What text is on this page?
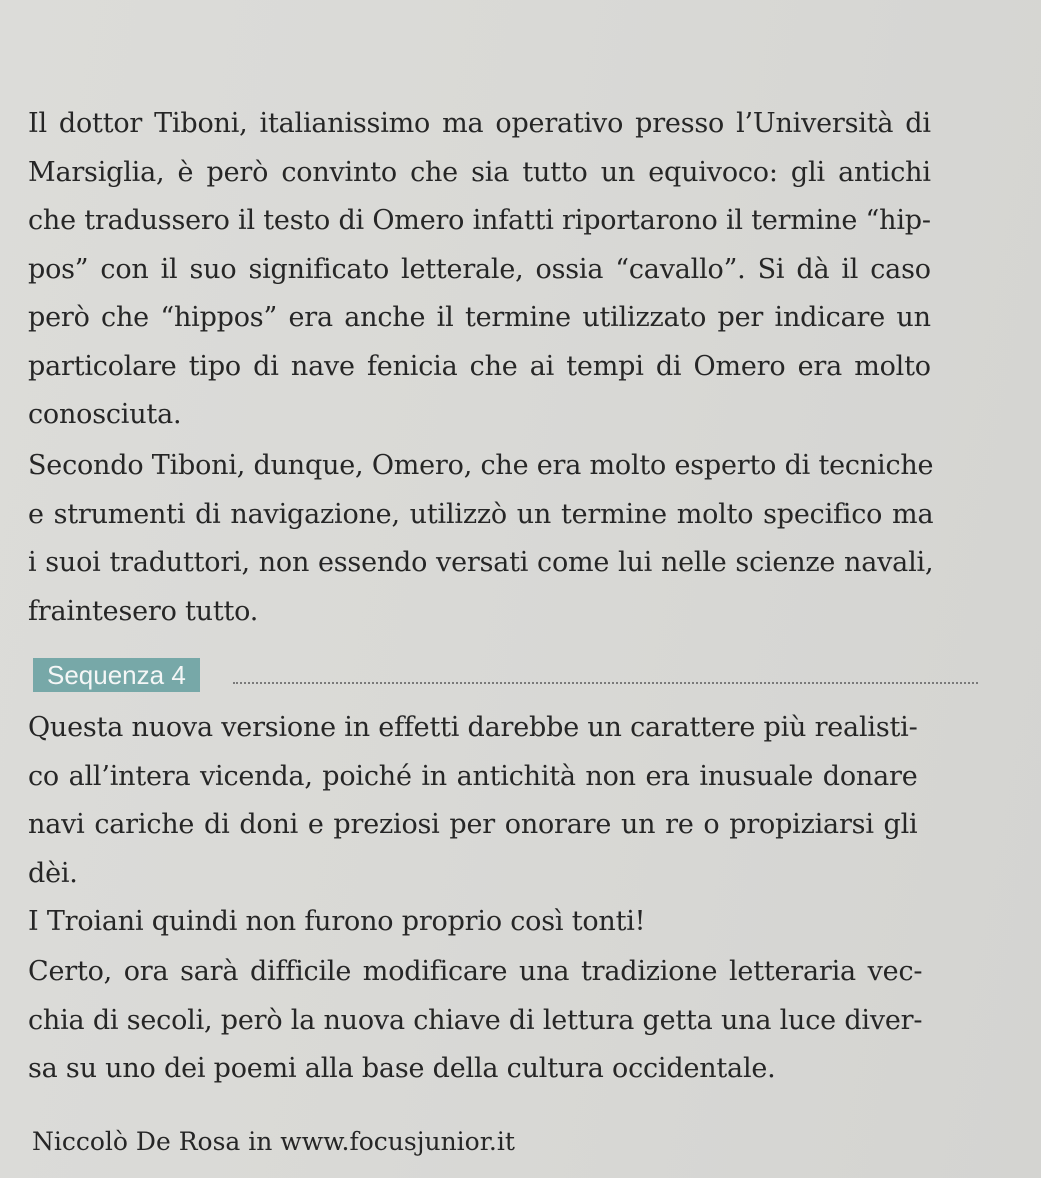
Il dottor Tiboni, italianissimo ma operativo presso l’Università di
Marsiglia, è però convinto che sia tutto un equivoco: gli antichi
che tradussero il testo di Omero infatti riportarono il termine “hip-
pos” con il suo significato letterale, ossia “cavallo”. Si dà il caso
però che “hippos” era anche il termine utilizzato per indicare un
particolare tipo di nave fenicia che ai tempi di Omero era molto
conosciuta.

Secondo Tiboni, dunque, Omero, che era molto esperto di tecniche
e strumenti di navigazione, utilizzò un termine molto specifico ma
i suoi traduttori, non essendo versati come lui nelle scienze navali,
fraintesero tutto.

Sequenza 4

Questa nuova versione in effetti darebbe un carattere più realisti-
co all’intera vicenda, poiché in antichità non era inusuale donare
navi cariche di doni e preziosi per onorare un re o propiziarsi gli
dèi.

I Troiani quindi non furono proprio così tonti!

Certo, ora sarà difficile modificare una tradizione letteraria vec-
chia di secoli, però la nuova chiave di lettura getta una luce diver-
sa su uno dei poemi alla base della cultura occidentale.

Niccolò De Rosa in www.focusjunior.it
